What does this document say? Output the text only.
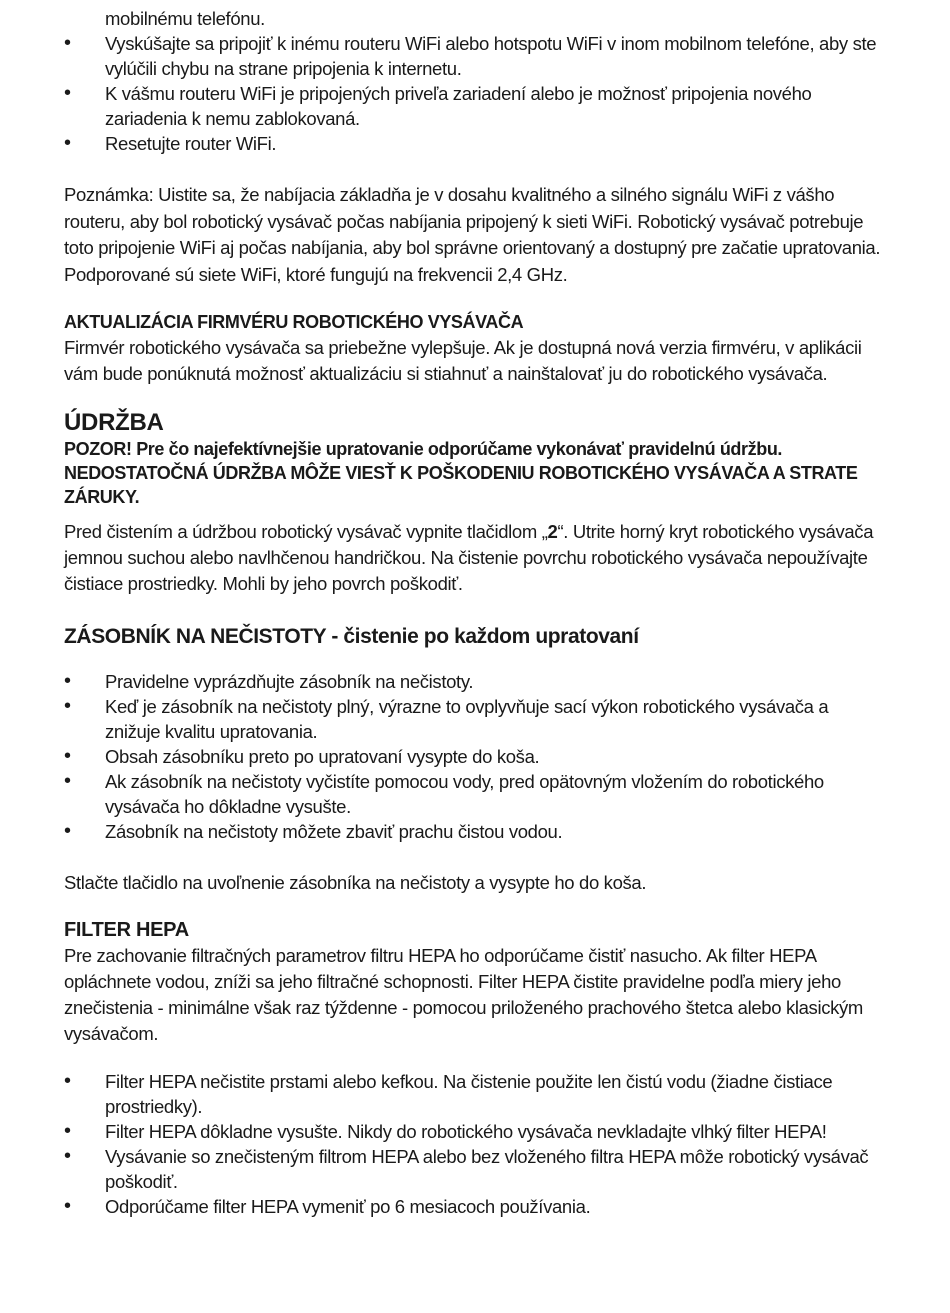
mobilnému telefónu.
• Vyskúšajte sa pripojiť k inému routeru WiFi alebo hotspotu WiFi v inom mobilnom telefóne, aby ste vylúčili chybu na strane pripojenia k internetu.
• K vášmu routeru WiFi je pripojených priveľa zariadení alebo je možnosť pripojenia nového zariadenia k nemu zablokovaná.
• Resetujte router WiFi.

Poznámka: Uistite sa, že nabíjacia základňa je v dosahu kvalitného a silného signálu WiFi z vášho routeru, aby bol robotický vysávač počas nabíjania pripojený k sieti WiFi. Robotický vysávač potrebuje toto pripojenie WiFi aj počas nabíjania, aby bol správne orientovaný a dostupný pre začatie upratovania. Podporované sú siete WiFi, ktoré fungujú na frekvencii 2,4 GHz.

AKTUALIZÁCIA FIRMVÉRU ROBOTICKÉHO VYSÁVAČA

Firmvér robotického vysávača sa priebežne vylepšuje. Ak je dostupná nová verzia firmvéru, v aplikácii vám bude ponúknutá možnosť aktualizáciu si stiahnuť a nainštalovať ju do robotického vysávača.

ÚDRŽBA
POZOR! Pre čo najefektívnejšie upratovanie odporúčame vykonávať pravidelnú údržbu.
NEDOSTATOČNÁ ÚDRŽBA MÔŽE VIESŤ K POŠKODENIU ROBOTICKÉHO VYSÁVAČA A STRATE ZÁRUKY.

Pred čistením a údržbou robotický vysávač vypnite tlačidlom „2“. Utrite horný kryt robotického vysávača jemnou suchou alebo navlhčenou handričkou. Na čistenie povrchu robotického vysávača nepoužívajte čistiace prostriedky. Mohli by jeho povrch poškodiť.

ZÁSOBNÍK NA NEČISTOTY - čistenie po každom upratovaní
• Pravidelne vyprázdňujte zásobník na nečistoty.
• Keď je zásobník na nečistoty plný, výrazne to ovplyvňuje sací výkon robotického vysávača a znižuje kvalitu upratovania.
• Obsah zásobníku preto po upratovaní vysypte do koša.
• Ak zásobník na nečistoty vyčistíte pomocou vody, pred opätovným vložením do robotického vysávača ho dôkladne vysušte.
• Zásobník na nečistoty môžete zbaviť prachu čistou vodou.

Stlačte tlačidlo na uvoľnenie zásobníka na nečistoty a vysypte ho do koša.

FILTER HEPA

Pre zachovanie filtračných parametrov filtru HEPA ho odporúčame čistiť nasucho. Ak filter HEPA opláchnete vodou, zníži sa jeho filtračné schopnosti. Filter HEPA čistite pravidelne podľa miery jeho znečistenia - minimálne však raz týždenne - pomocou priloženého prachového štetca alebo klasickým vysávačom.

• Filter HEPA nečistite prstami alebo kefkou. Na čistenie použite len čistú vodu (žiadne čistiace prostriedky).
• Filter HEPA dôkladne vysušte. Nikdy do robotického vysávača nevkladajte vlhký filter HEPA!
• Vysávanie so znečisteným filtrom HEPA alebo bez vloženého filtra HEPA môže robotický vysávač poškodiť.
• Odporúčame filter HEPA vymeniť po 6 mesiacoch používania.
